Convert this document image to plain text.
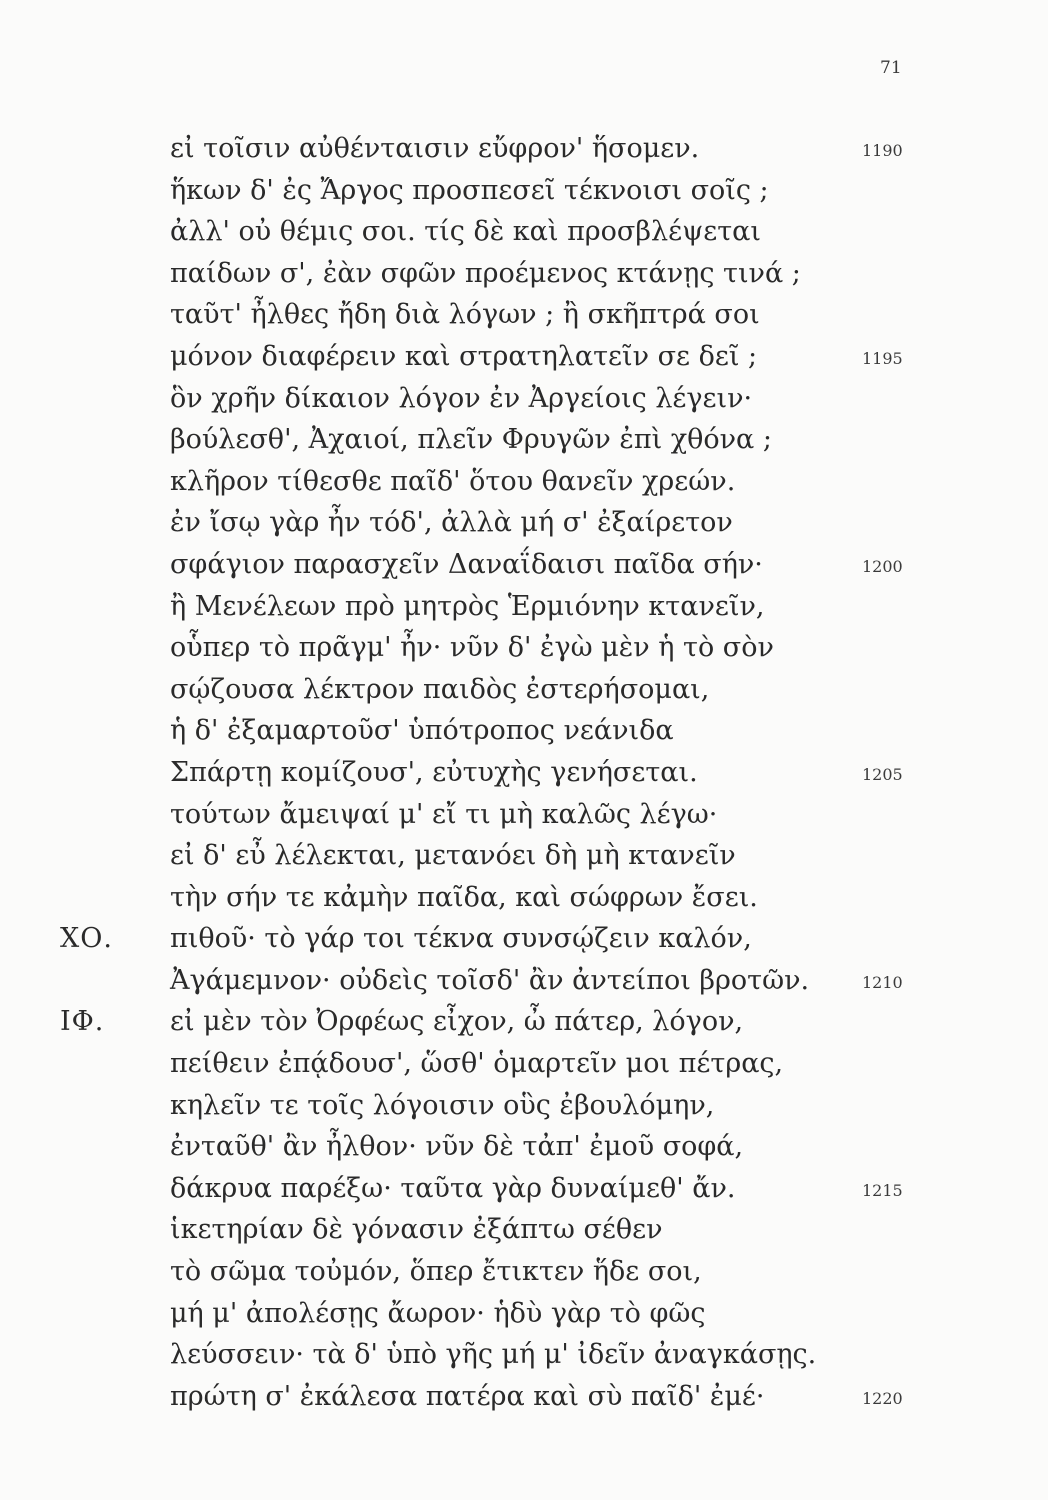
71
εἰ τοῖσιν αὐθένταισιν εὔφρον' ἥσομεν.	1190
ἥκων δ' ἐς Ἄργος προσπεσεῖ τέκνοισι σοῖς ;
ἀλλ' οὐ θέμις σοι. τίς δὲ καὶ προσβλέψεται
παίδων σ', ἐὰν σφῶν προέμενος κτάνῃς τινά ;
ταῦτ' ἦλθες ἤδη διὰ λόγων ; ἢ σκῆπτρά σοι
μόνον διαφέρειν καὶ στρατηλατεῖν σε δεῖ ;	1195
ὃν χρῆν δίκαιον λόγον ἐν Ἀργείοις λέγειν·
βούλεσθ', Ἀχαιοί, πλεῖν Φρυγῶν ἐπὶ χθόνα ;
κλῆρον τίθεσθε παῖδ' ὅτου θανεῖν χρεών.
ἐν ἴσῳ γὰρ ἦν τόδ', ἀλλὰ μή σ' ἐξαίρετον
σφάγιον παρασχεῖν Δαναΐδαισι παῖδα σήν·	1200
ἢ Μενέλεων πρὸ μητρὸς Ἑρμιόνην κτανεῖν,
οὗπερ τὸ πρᾶγμ' ἦν· νῦν δ' ἐγὼ μὲν ἡ τὸ σὸν
σῴζουσα λέκτρον παιδὸς ἐστερήσομαι,
ἡ δ' ἐξαμαρτοῦσ' ὑπότροπος νεάνιδα
Σπάρτῃ κομίζουσ', εὐτυχὴς γενήσεται.	1205
τούτων ἄμειψαί μ' εἴ τι μὴ καλῶς λέγω·
εἰ δ' εὖ λέλεκται, μετανόει δὴ μὴ κτανεῖν
τὴν σήν τε κἀμὴν παῖδα, καὶ σώφρων ἔσει.
ΧΟ. πιθοῦ· τὸ γάρ τοι τέκνα συνσῴζειν καλόν,
Ἀγάμεμνον· οὐδεὶς τοῖσδ' ἂν ἀντείποι βροτῶν.	1210
ΙΦ. εἰ μὲν τὸν Ὀρφέως εἶχον, ὦ πάτερ, λόγον,
πείθειν ἐπᾴδουσ', ὥσθ' ὁμαρτεῖν μοι πέτρας,
κηλεῖν τε τοῖς λόγοισιν οὓς ἐβουλόμην,
ἐνταῦθ' ἂν ἦλθον· νῦν δὲ τἀπ' ἐμοῦ σοφά,
δάκρυα παρέξω· ταῦτα γὰρ δυναίμεθ' ἄν.	1215
ἱκετηρίαν δὲ γόνασιν ἐξάπτω σέθεν
τὸ σῶμα τοὐμόν, ὅπερ ἔτικτεν ἥδε σοι,
μή μ' ἀπολέσῃς ἄωρον· ἡδὺ γὰρ τὸ φῶς
λεύσσειν· τὰ δ' ὑπὸ γῆς μή μ' ἰδεῖν ἀναγκάσῃς.
πρώτη σ' ἐκάλεσα πατέρα καὶ σὺ παῖδ' ἐμέ·	1220
